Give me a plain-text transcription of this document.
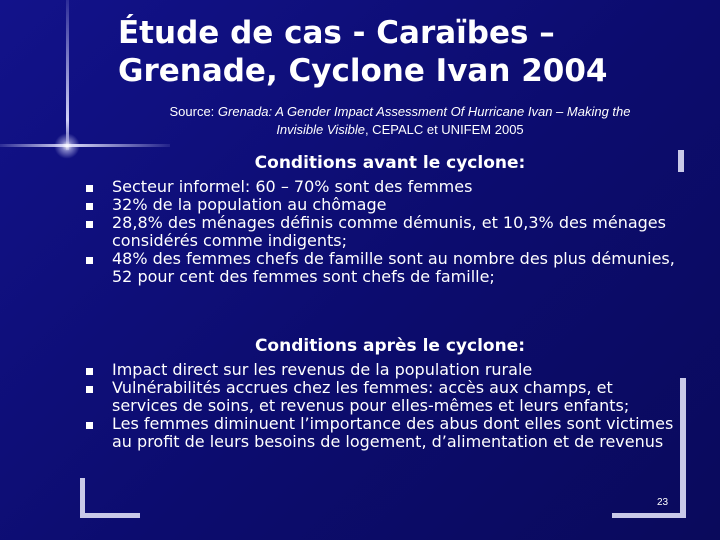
Étude de cas - Caraïbes –
Grenade, Cyclone Ivan 2004
Source: Grenada: A Gender Impact Assessment Of Hurricane Ivan – Making the Invisible Visible, CEPALC et UNIFEM 2005
Conditions avant le cyclone:
Secteur informel: 60 – 70% sont des femmes
32% de la population au chômage
28,8% des ménages définis comme démunis, et 10,3% des ménages considérés comme indigents;
48% des femmes chefs de famille sont au nombre des plus démunies, 52 pour cent des femmes sont chefs de famille;
Conditions après le cyclone:
Impact direct sur les revenus de la population rurale
Vulnérabilités accrues chez les femmes: accès aux champs, et services de soins, et revenus pour elles-mêmes et leurs enfants;
Les femmes diminuent l’importance des abus dont elles sont victimes au profit de leurs besoins de logement, d’alimentation et de revenus
23
